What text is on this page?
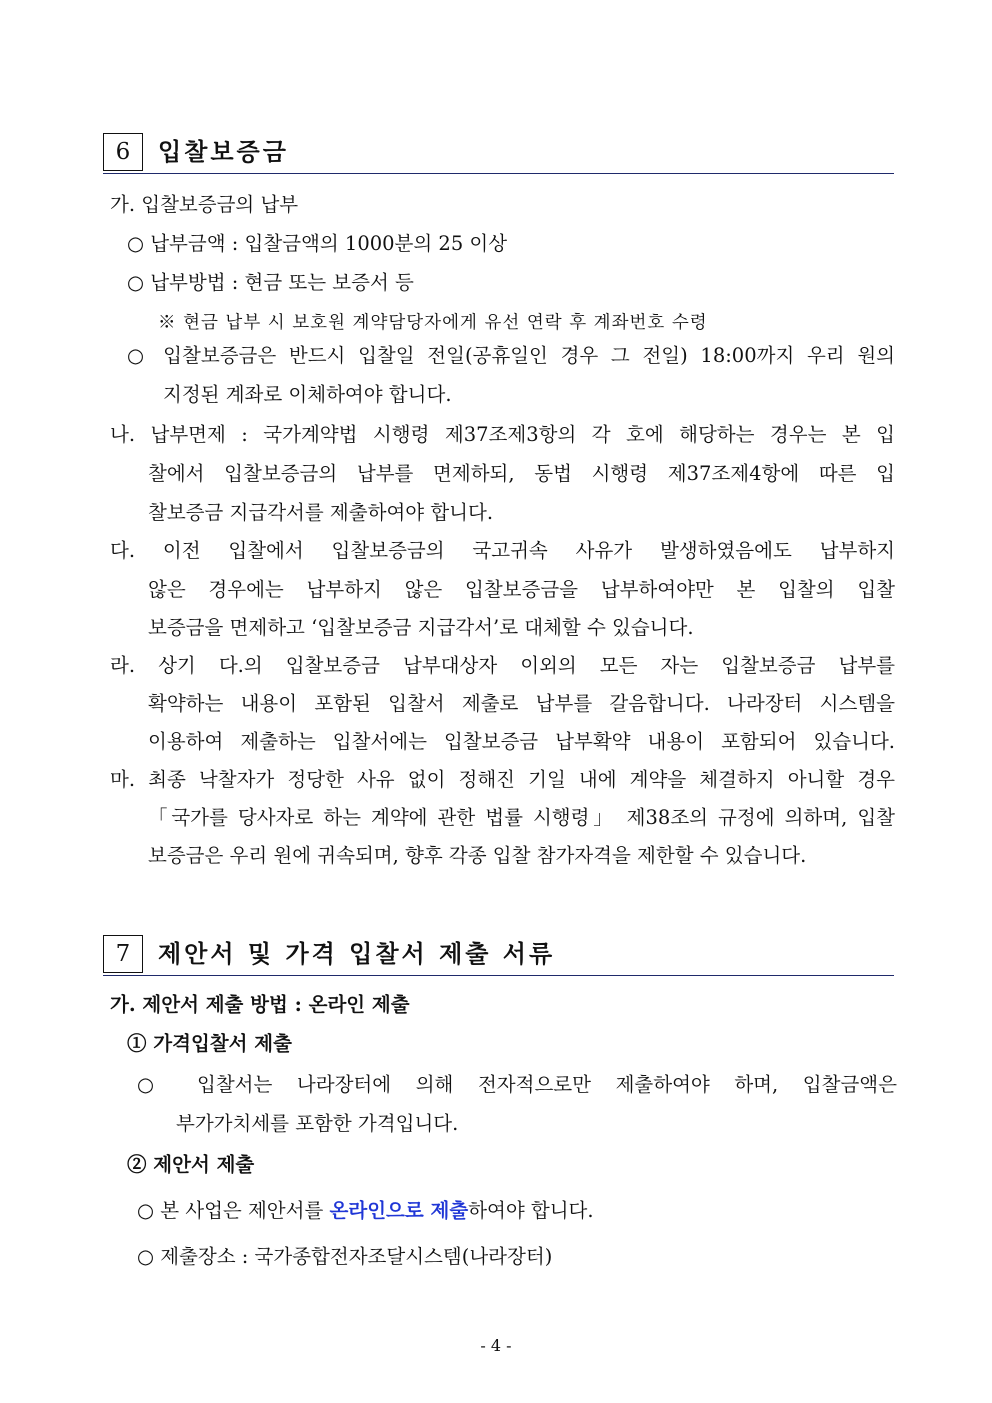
6	입찰보증금
가. 입찰보증금의 납부
○ 납부금액 : 입찰금액의 1000분의 25 이상
○ 납부방법 : 현금 또는 보증서 등
※ 현금 납부 시 보호원 계약담당자에게 유선 연락 후 계좌번호 수령
○ 입찰보증금은 반드시 입찰일 전일(공휴일인 경우 그 전일) 18:00까지 우리 원의
지정된 계좌로 이체하여야 합니다.
나. 납부면제 : 국가계약법 시행령 제37조제3항의 각 호에 해당하는 경우는 본 입
찰에서 입찰보증금의 납부를 면제하되, 동법 시행령 제37조제4항에 따른 입
찰보증금 지급각서를 제출하여야 합니다.
다. 이전 입찰에서 입찰보증금의 국고귀속 사유가 발생하였음에도 납부하지
않은 경우에는 납부하지 않은 입찰보증금을 납부하여야만 본 입찰의 입찰
보증금을 면제하고 ‘입찰보증금 지급각서’로 대체할 수 있습니다.
라. 상기 다.의 입찰보증금 납부대상자 이외의 모든 자는 입찰보증금 납부를
확약하는 내용이 포함된 입찰서 제출로 납부를 갈음합니다. 나라장터 시스템을
이용하여 제출하는 입찰서에는 입찰보증금 납부확약 내용이 포함되어 있습니다.
마. 최종 낙찰자가 정당한 사유 없이 정해진 기일 내에 계약을 체결하지 아니할 경우
「국가를 당사자로 하는 계약에 관한 법률 시행령」 제38조의 규정에 의하며, 입찰
보증금은 우리 원에 귀속되며, 향후 각종 입찰 참가자격을 제한할 수 있습니다.
7	제안서 및 가격 입찰서 제출 서류
가. 제안서 제출 방법 : 온라인 제출
① 가격입찰서 제출
○ 입찰서는 나라장터에 의해 전자적으로만 제출하여야 하며, 입찰금액은
부가가치세를 포함한 가격입니다.
② 제안서 제출
○ 본 사업은 제안서를 온라인으로 제출하여야 합니다.
○ 제출장소 : 국가종합전자조달시스템(나라장터)
- 4 -
